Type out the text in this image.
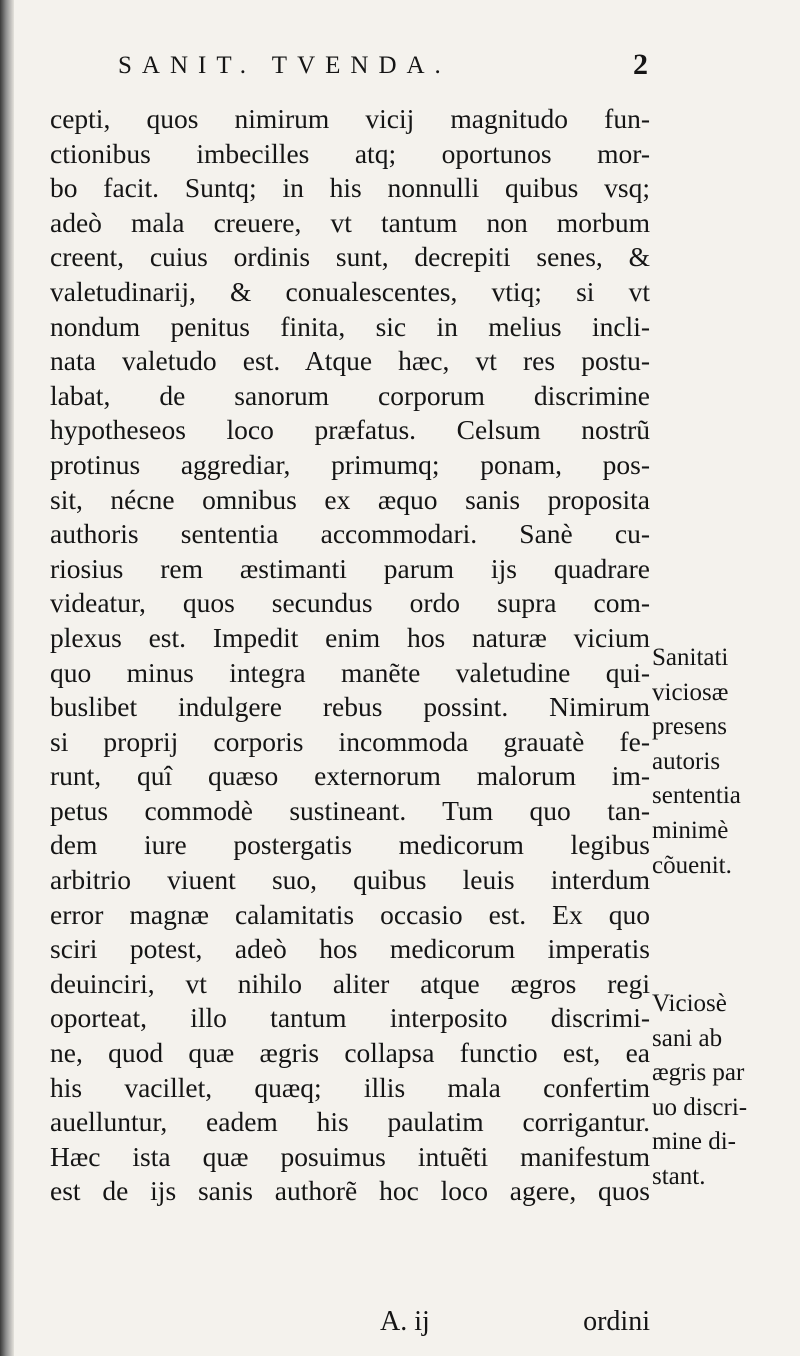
SANIT. TVENDA.	2
cepti, quos nimirum vicij magnitudo fun-
ctionibus imbecilles atq; oportunos mor-
bo facit. Suntq; in his nonnulli quibus vsq;
adeò mala creuere, vt tantum non morbum
creent, cuius ordinis sunt, decrepiti senes, &
valetudinarij, & conualescentes, vtiq; si vt
nondum penitus finita, sic in melius incli-
nata valetudo est. Atque hæc, vt res postu-
labat, de sanorum corporum discrimine
hypotheseos loco præfatus. Celsum nostrũ
protinus aggrediar, primumq; ponam, pos-
sit, nécne omnibus ex æquo sanis proposita
authoris sententia accommodari. Sanè cu-
riosius rem æstimanti parum ijs quadrare
videatur, quos secundus ordo supra com-
plexus est. Impedit enim hos naturæ vicium
quo minus integra manẽte valetudine qui-
buslibet indulgere rebus possint. Nimirum
si proprij corporis incommoda grauatè fe-
runt, quî quæso externorum malorum im-
petus commodè sustineant. Tum quo tan-
dem iure postergatis medicorum legibus
arbitrio viuent suo, quibus leuis interdum
error magnæ calamitatis occasio est. Ex quo
sciri potest, adeò hos medicorum imperatis
deuinciri, vt nihilo aliter atque ægros regi
oporteat, illo tantum interposito discrimi-
ne, quod quæ ægris collapsa functio est, ea
his vacillet, quæq; illis mala confertim
auelluntur, eadem his paulatim corrigantur.
Hæc ista quæ posuimus intuẽti manifestum
est de ijs sanis authorẽ hoc loco agere, quos
Sanitati
viciosæ
presens
autoris
sententia
minimè
cõuenit.
Viciosè
sani ab
ægris par
uo discri-
mine di-
stant.
A. ij	ordini
